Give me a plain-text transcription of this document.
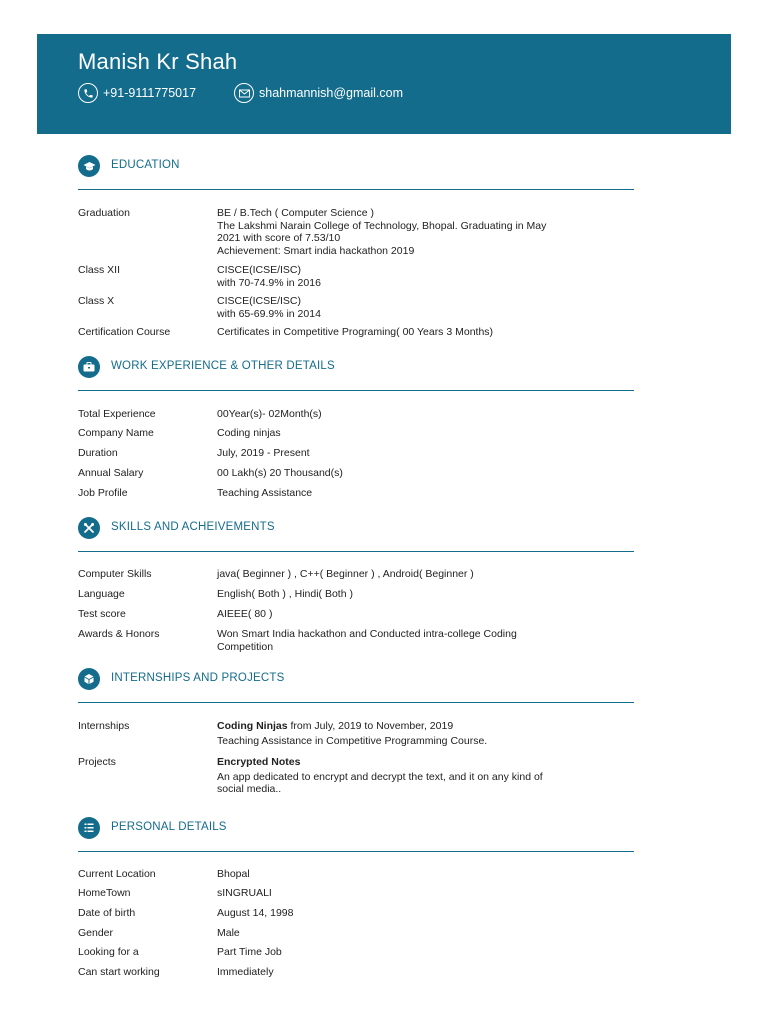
Manish Kr Shah
+91-9111775017	shahmannish@gmail.com
EDUCATION
Graduation	BE / B.Tech ( Computer Science )
The Lakshmi Narain College of Technology, Bhopal. Graduating in May
2021 with score of 7.53/10
Achievement: Smart india hackathon 2019
Class XII	CISCE(ICSE/ISC)
with 70-74.9% in 2016
Class X	CISCE(ICSE/ISC)
with 65-69.9% in 2014
Certification Course	Certificates in Competitive Programing( 00 Years 3 Months)
WORK EXPERIENCE & OTHER DETAILS
Total Experience	00Year(s)- 02Month(s)
Company Name	Coding ninjas
Duration	July, 2019 - Present
Annual Salary	00 Lakh(s) 20 Thousand(s)
Job Profile	Teaching Assistance
SKILLS AND ACHEIVEMENTS
Computer Skills	java( Beginner ) , C++( Beginner ) , Android( Beginner )
Language	English( Both ) , Hindi( Both )
Test score	AIEEE( 80 )
Awards & Honors	Won Smart India hackathon and Conducted intra-college Coding
Competition
INTERNSHIPS AND PROJECTS
Internships	Coding Ninjas from July, 2019 to November, 2019
Teaching Assistance in Competitive Programming Course.
Projects	Encrypted Notes
An app dedicated to encrypt and decrypt the text, and it on any kind of
social media..
PERSONAL DETAILS
Current Location	Bhopal
HomeTown	sINGRUALI
Date of birth	August 14, 1998
Gender	Male
Looking for a	Part Time Job
Can start working	Immediately
